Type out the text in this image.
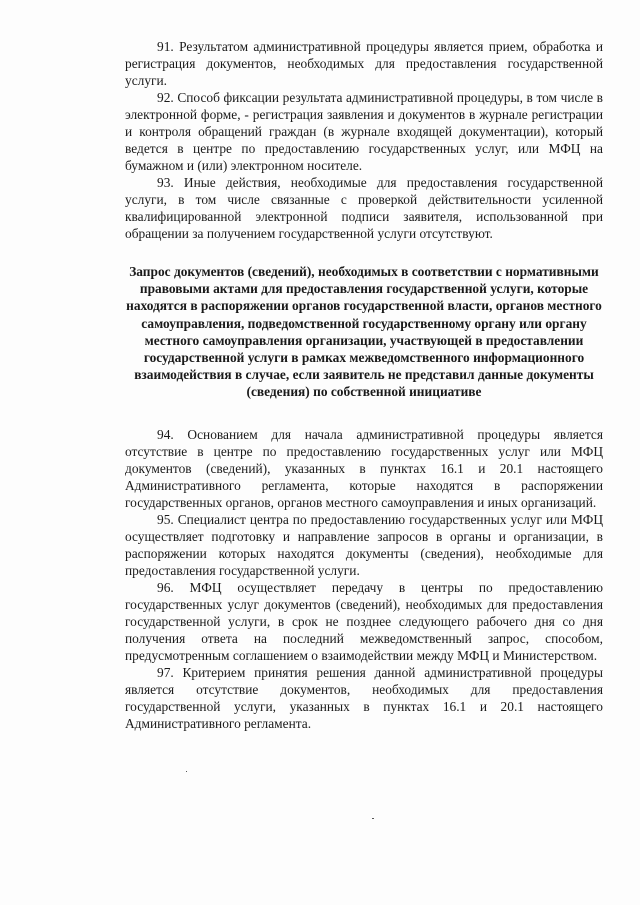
91. Результатом административной процедуры является прием, обработка и регистрация документов, необходимых для предоставления государственной услуги.

92. Способ фиксации результата административной процедуры, в том числе в электронной форме, - регистрация заявления и документов в журнале регистрации и контроля обращений граждан (в журнале входящей документации), который ведется в центре по предоставлению государственных услуг, или МФЦ на бумажном и (или) электронном носителе.

93. Иные действия, необходимые для предоставления государственной услуги, в том числе связанные с проверкой действительности усиленной квалифицированной электронной подписи заявителя, использованной при обращении за получением государственной услуги отсутствуют.

Запрос документов (сведений), необходимых в соответствии с нормативными правовыми актами для предоставления государственной услуги, которые находятся в распоряжении органов государственной власти, органов местного самоуправления, подведомственной государственному органу или органу местного самоуправления организации, участвующей в предоставлении государственной услуги в рамках межведомственного информационного взаимодействия в случае, если заявитель не представил данные документы (сведения) по собственной инициативе

94. Основанием для начала административной процедуры является отсутствие в центре по предоставлению государственных услуг или МФЦ документов (сведений), указанных в пунктах 16.1 и 20.1 настоящего Административного регламента, которые находятся в распоряжении государственных органов, органов местного самоуправления и иных организаций.

95. Специалист центра по предоставлению государственных услуг или МФЦ осуществляет подготовку и направление запросов в органы и организации, в распоряжении которых находятся документы (сведения), необходимые для предоставления государственной услуги.

96. МФЦ осуществляет передачу в центры по предоставлению государственных услуг документов (сведений), необходимых для предоставления государственной услуги, в срок не позднее следующего рабочего дня со дня получения ответа на последний межведомственный запрос, способом, предусмотренным соглашением о взаимодействии между МФЦ и Министерством.

97. Критерием принятия решения данной административной процедуры является отсутствие документов, необходимых для предоставления государственной услуги, указанных в пунктах 16.1 и 20.1 настоящего Административного регламента.
